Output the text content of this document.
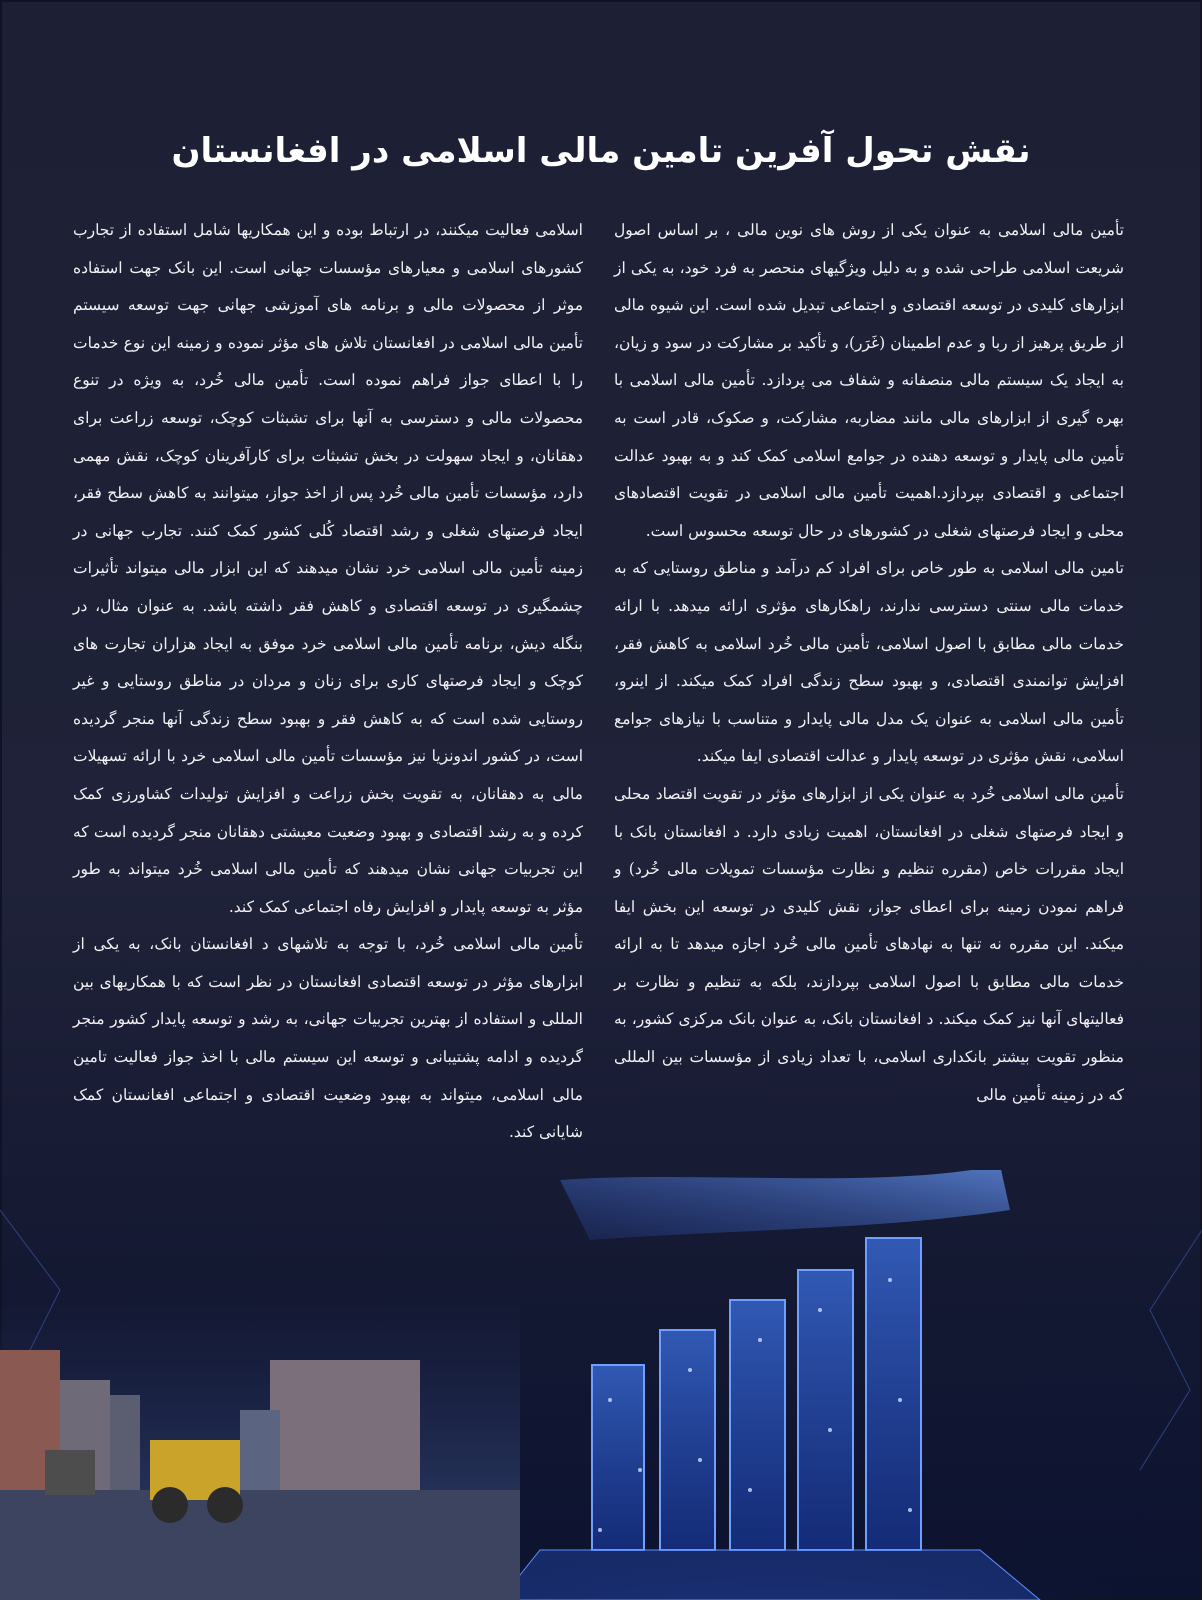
نقش تحول آفرین تامین مالی اسلامی در افغانستان

تأمین مالی اسلامی به عنوان یکی از روش های نوین مالی ، بر اساس اصول شریعت اسلامی طراحی شده و به دلیل ویژگیهای منحصر به فرد خود، به یکی از ابزارهای کلیدی در توسعه اقتصادی و اجتماعی تبدیل شده است. این شیوه مالی از طریق پرهیز از ربا و عدم اطمینان (غَرَر)، و تأکید بر مشارکت در سود و زیان، به ایجاد یک سیستم مالی منصفانه و شفاف می پردازد. تأمین مالی اسلامی با بهره گیری از ابزارهای مالی مانند مضاربه، مشارکت، و صکوک، قادر است به تأمین مالی پایدار و توسعه دهنده در جوامع اسلامی کمک کند و به بهبود عدالت اجتماعی و اقتصادی بپردازد.اهمیت تأمین مالی اسلامی در تقویت اقتصادهای محلی و ایجاد فرصتهای شغلی در کشورهای در حال توسعه محسوس است.

تامین مالی اسلامی به طور خاص برای افراد کم درآمد و مناطق روستایی که به خدمات مالی سنتی دسترسی ندارند، راهکارهای مؤثری ارائه میدهد. با ارائه خدمات مالی مطابق با اصول اسلامی، تأمین مالی خُرد اسلامی به کاهش فقر، افزایش توانمندی اقتصادی، و بهبود سطح زندگی افراد کمک میکند. از اینرو، تأمین مالی اسلامی به عنوان یک مدل مالی پایدار و متناسب با نیازهای جوامع اسلامی، نقش مؤثری در توسعه پایدار و عدالت اقتصادی ایفا میکند.

تأمین مالی اسلامی خُرد به عنوان یکی از ابزارهای مؤثر در تقویت اقتصاد محلی و ایجاد فرصتهای شغلی در افغانستان، اهمیت زیادی دارد. د افغانستان بانک با ایجاد مقررات خاص (مقرره تنظیم و نظارت مؤسسات تمویلات مالی خُرد) و فراهم نمودن زمینه برای اعطای جواز، نقش کلیدی در توسعه این بخش ایفا میکند. این مقرره نه تنها به نهادهای تأمین مالی خُرد اجازه میدهد تا به ارائه خدمات مالی مطابق با اصول اسلامی بپردازند، بلکه به تنظیم و نظارت بر فعالیتهای آنها نیز کمک میکند. د افغانستان بانک، به عنوان بانک مرکزی کشور، به منظور تقویت بیشتر بانکداری اسلامی، با تعداد زیادی از مؤسسات بین المللی که در زمینه تأمین مالی

اسلامی فعالیت میکنند، در ارتباط بوده و این همکاریها شامل استفاده از تجارب کشورهای اسلامی و معیارهای مؤسسات جهانی است. این بانک جهت استفاده موثر از محصولات مالی و برنامه های آموزشی جهانی جهت توسعه سیستم تأمین مالی اسلامی در افغانستان تلاش های مؤثر نموده و زمینه این نوع خدمات را با اعطای جواز فراهم نموده است. تأمین مالی خُرد، به ویژه در تنوع محصولات مالی و دسترسی به آنها برای تشبثات کوچک، توسعه زراعت برای دهقانان، و ایجاد سهولت در بخش تشبثات برای کارآفرینان کوچک، نقش مهمی دارد، مؤسسات تأمین مالی خُرد پس از اخذ جواز، میتوانند به کاهش سطح فقر، ایجاد فرصتهای شغلی و رشد اقتصاد کُلی کشور کمک کنند. تجارب جهانی در زمینه تأمین مالی اسلامی خرد نشان میدهند که این ابزار مالی میتواند تأثیرات چشمگیری در توسعه اقتصادی و کاهش فقر داشته باشد. به عنوان مثال، در بنگله دیش، برنامه تأمین مالی اسلامی خرد موفق به ایجاد هزاران تجارت های کوچک و ایجاد فرصتهای کاری برای زنان و مردان در مناطق روستایی و غیر روستایی شده است که به کاهش فقر و بهبود سطح زندگی آنها منجر گردیده است، در کشور اندونزیا نیز مؤسسات تأمین مالی اسلامی خرد با ارائه تسهیلات مالی به دهقانان، به تقویت بخش زراعت و افزایش تولیدات کشاورزی کمک کرده و به رشد اقتصادی و بهبود وضعیت معیشتی دهقانان منجر گردیده است که این تجربیات جهانی نشان میدهند که تأمین مالی اسلامی خُرد میتواند به طور مؤثر به توسعه پایدار و افزایش رفاه اجتماعی کمک کند.

تأمین مالی اسلامی خُرد، با توجه به تلاشهای د افغانستان بانک، به یکی از ابزارهای مؤثر در توسعه اقتصادی افغانستان در نظر است که با همکاریهای بین المللی و استفاده از بهترین تجربیات جهانی، به رشد و توسعه پایدار کشور منجر گردیده و ادامه پشتیبانی و توسعه این سیستم مالی با اخذ جواز فعالیت تامین مالی اسلامی، میتواند به بهبود وضعیت اقتصادی و اجتماعی افغانستان کمک شایانی کند.
